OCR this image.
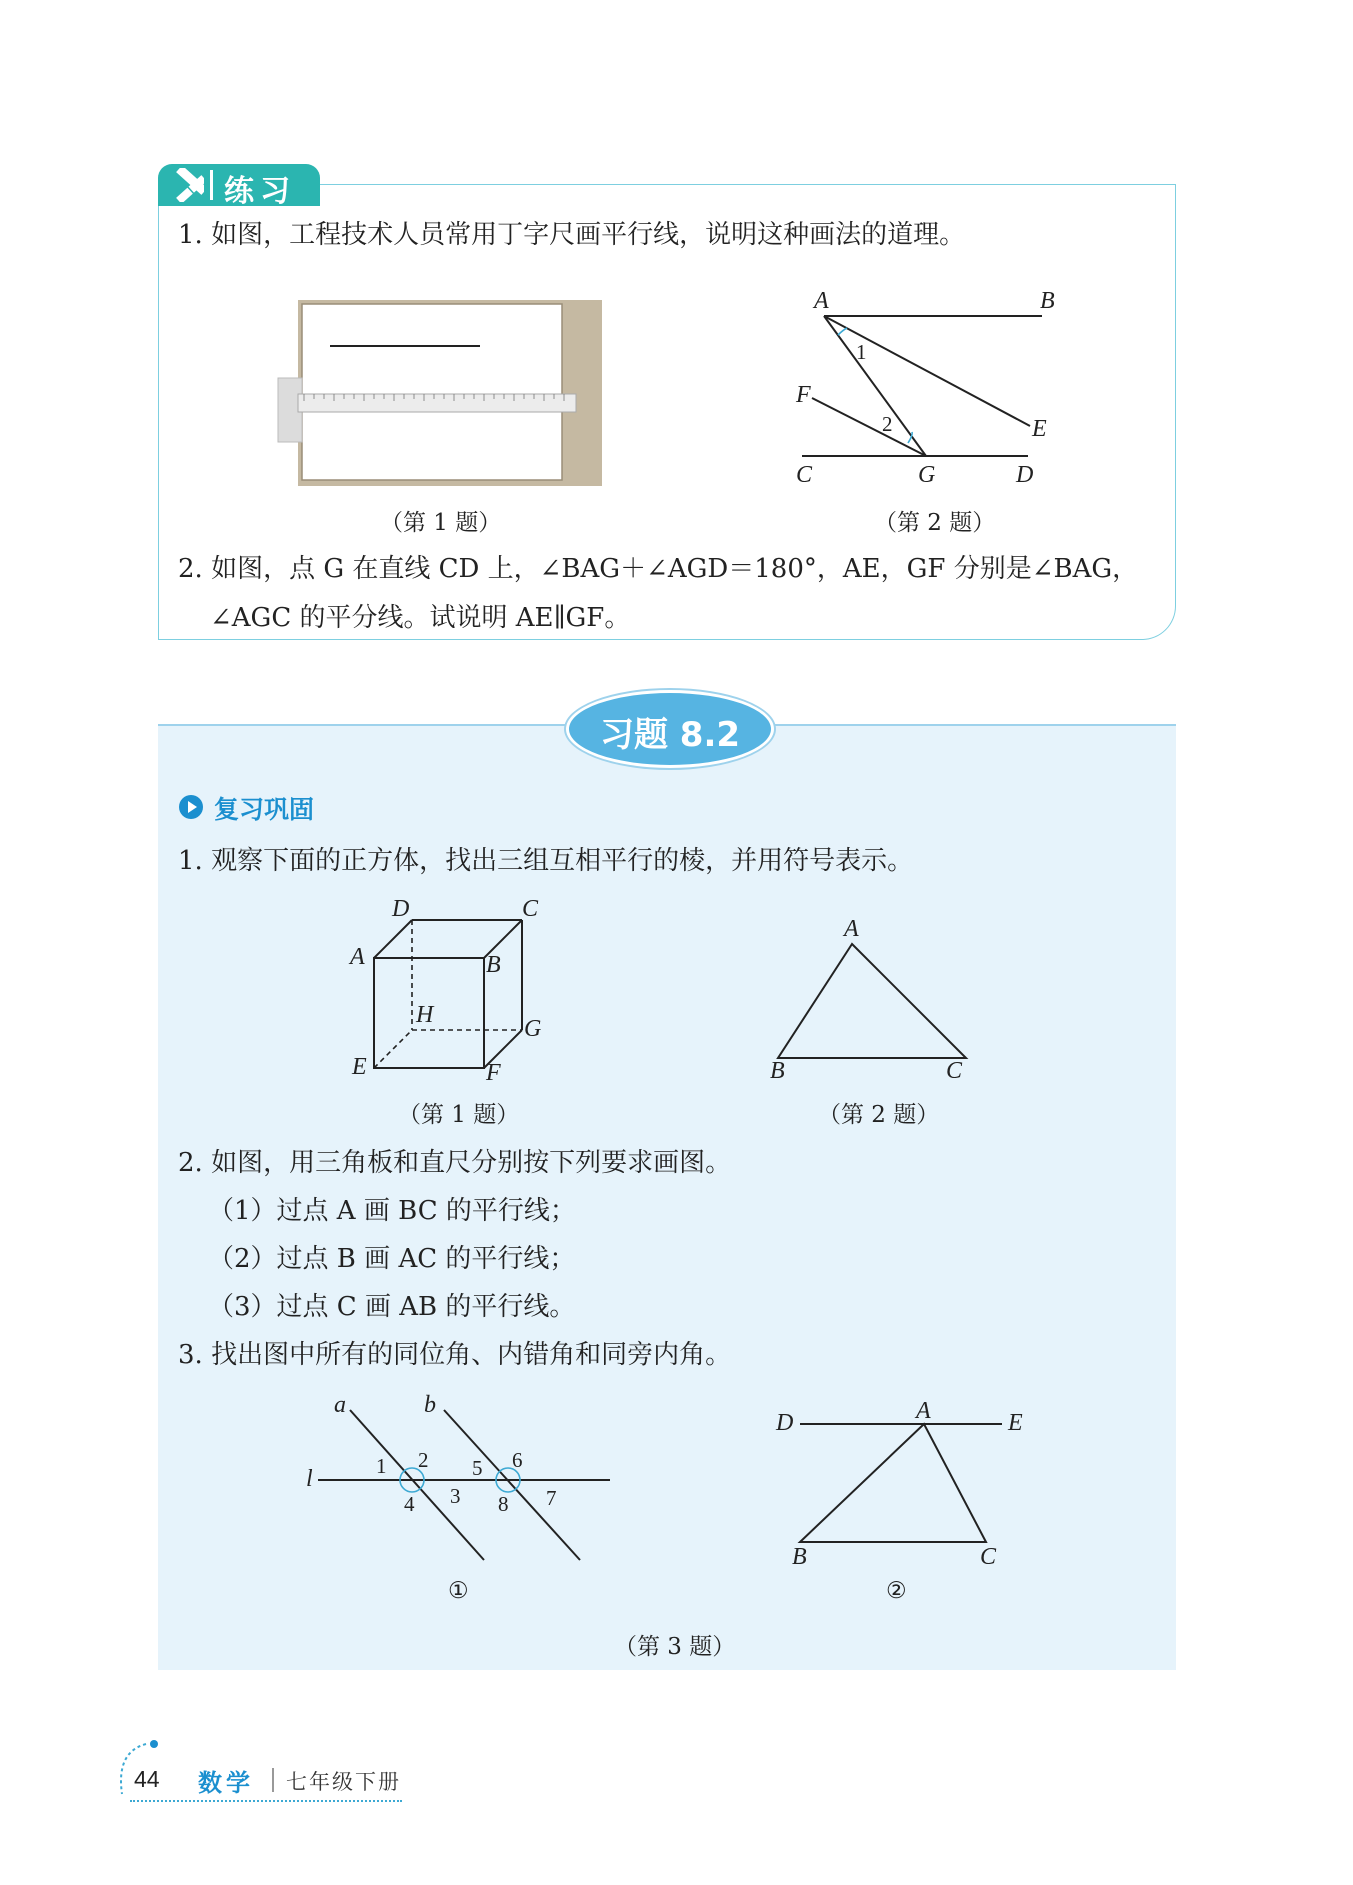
练习
1. 如图，工程技术人员常用丁字尺画平行线，说明这种画法的道理。
（第 1 题）
A	B
1
F
2	E
C	G	D
（第 2 题）
2. 如图，点 G 在直线 CD 上，∠BAG＋∠AGD＝180°，AE，GF 分别是∠BAG，
∠AGC 的平分线。试说明 AE∥GF。
习题 8.2
复习巩固
1. 观察下面的正方体，找出三组互相平行的棱，并用符号表示。
D	C
A	B
H
G
E	F
（第 1 题）
A
B	C
（第 2 题）
2. 如图，用三角板和直尺分别按下列要求画图。
（1）过点 A 画 BC 的平行线；
（2）过点 B 画 AC 的平行线；
（3）过点 C 画 AB 的平行线。
3. 找出图中所有的同位角、内错角和同旁内角。
a	b
l	1 2
3
4
5 6
7
8
①
D	A	E
B	C
②
（第 3 题）
44 数学 七年级下册
